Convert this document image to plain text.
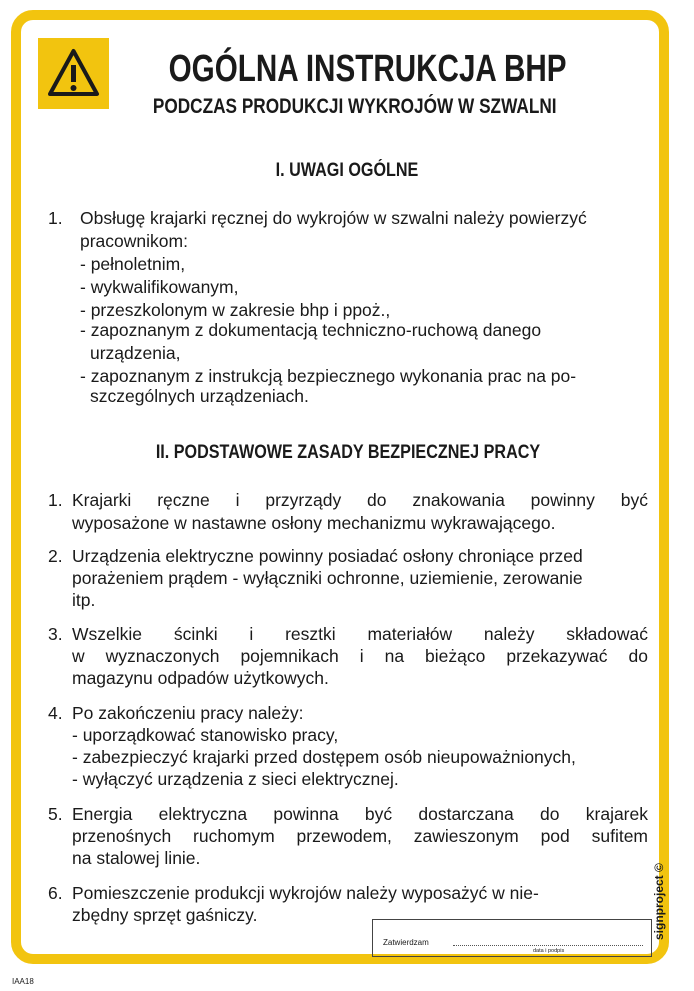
OGÓLNA INSTRUKCJA BHP
PODCZAS PRODUKCJI WYKROJÓW W SZWALNI
I. UWAGI OGÓLNE
1. Obsługę krajarki ręcznej do wykrojów w szwalni należy powierzyć
pracownikom:
- pełnoletnim,
- wykwalifikowanym,
- przeszkolonym w zakresie bhp i ppoż.,
- zapoznanym z dokumentacją techniczno-ruchową danego
urządzenia,
- zapoznanym z instrukcją bezpiecznego wykonania prac na po-
szczególnych urządzeniach.
II. PODSTAWOWE ZASADY BEZPIECZNEJ PRACY
1. Krajarki ręczne i przyrządy do znakowania powinny być
wyposażone w nastawne osłony mechanizmu wykrawającego.
2. Urządzenia elektryczne powinny posiadać osłony chroniące przed
porażeniem prądem - wyłączniki ochronne, uziemienie, zerowanie
itp.
3. Wszelkie ścinki i resztki materiałów należy składować
w wyznaczonych pojemnikach i na bieżąco przekazywać do
magazynu odpadów użytkowych.
4. Po zakończeniu pracy należy:
- uporządkować stanowisko pracy,
- zabezpieczyć krajarki przed dostępem osób nieupoważnionych,
- wyłączyć urządzenia z sieci elektrycznej.
5. Energia elektryczna powinna być dostarczana do krajarek
przenośnych ruchomym przewodem, zawieszonym pod sufitem
na stalowej linie.
6. Pomieszczenie produkcji wykrojów należy wyposażyć w nie-
zbędny sprzęt gaśniczy.
Zatwierdzam
data i podpis
signproject ©
IAA18
